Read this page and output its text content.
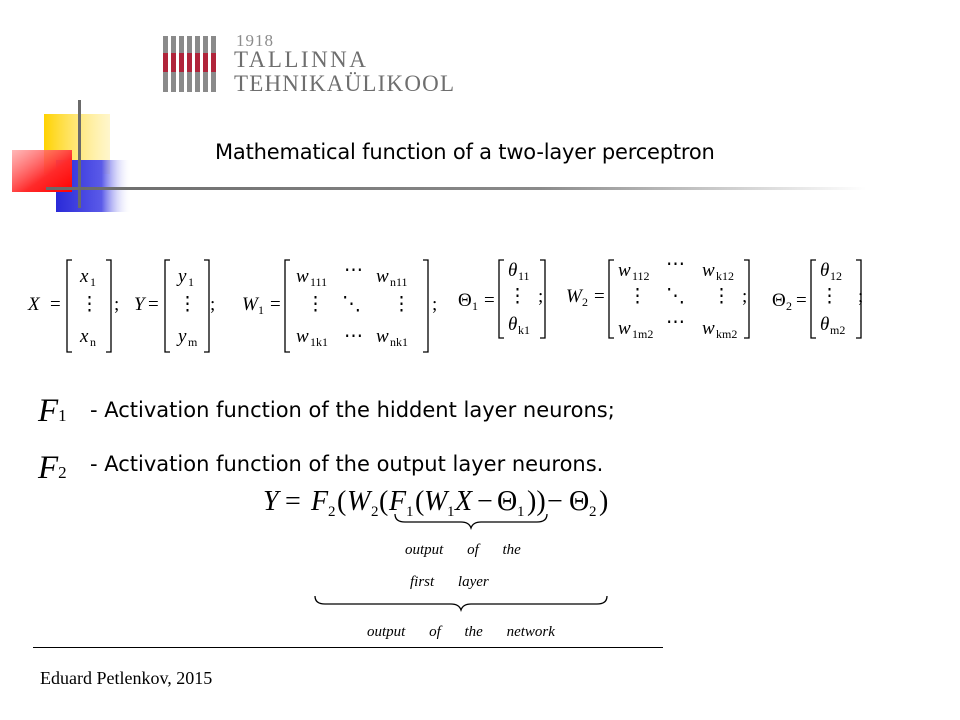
1918
TALLINNA
TEHNIKAÜLIKOOL
Mathematical function of a two-layer perceptron
X =
x 1
⋮
x n
; Y =
y 1
⋮
y m
; W 1 =
w 111
⋯ w n11
⋮ ⋱ ⋮
w 1k1 ⋯ w nk1
; Θ 1 =
θ 11
⋮
θ k1
; W 2 =
w 112
⋯ w k12
⋮ ⋱ ⋮
w 1m2
⋯ w km2
; Θ 2 =
θ 12
⋮
θ m2
;
F1 - Activation function of the hiddent layer neurons;
F2 - Activation function of the output layer neurons.
Y = F 2 ( W 2 ( F 1 ( W 1 X − Θ 1 )) − Θ 2 )
output of the
first layer
output of the network
Eduard Petlenkov, 2015
